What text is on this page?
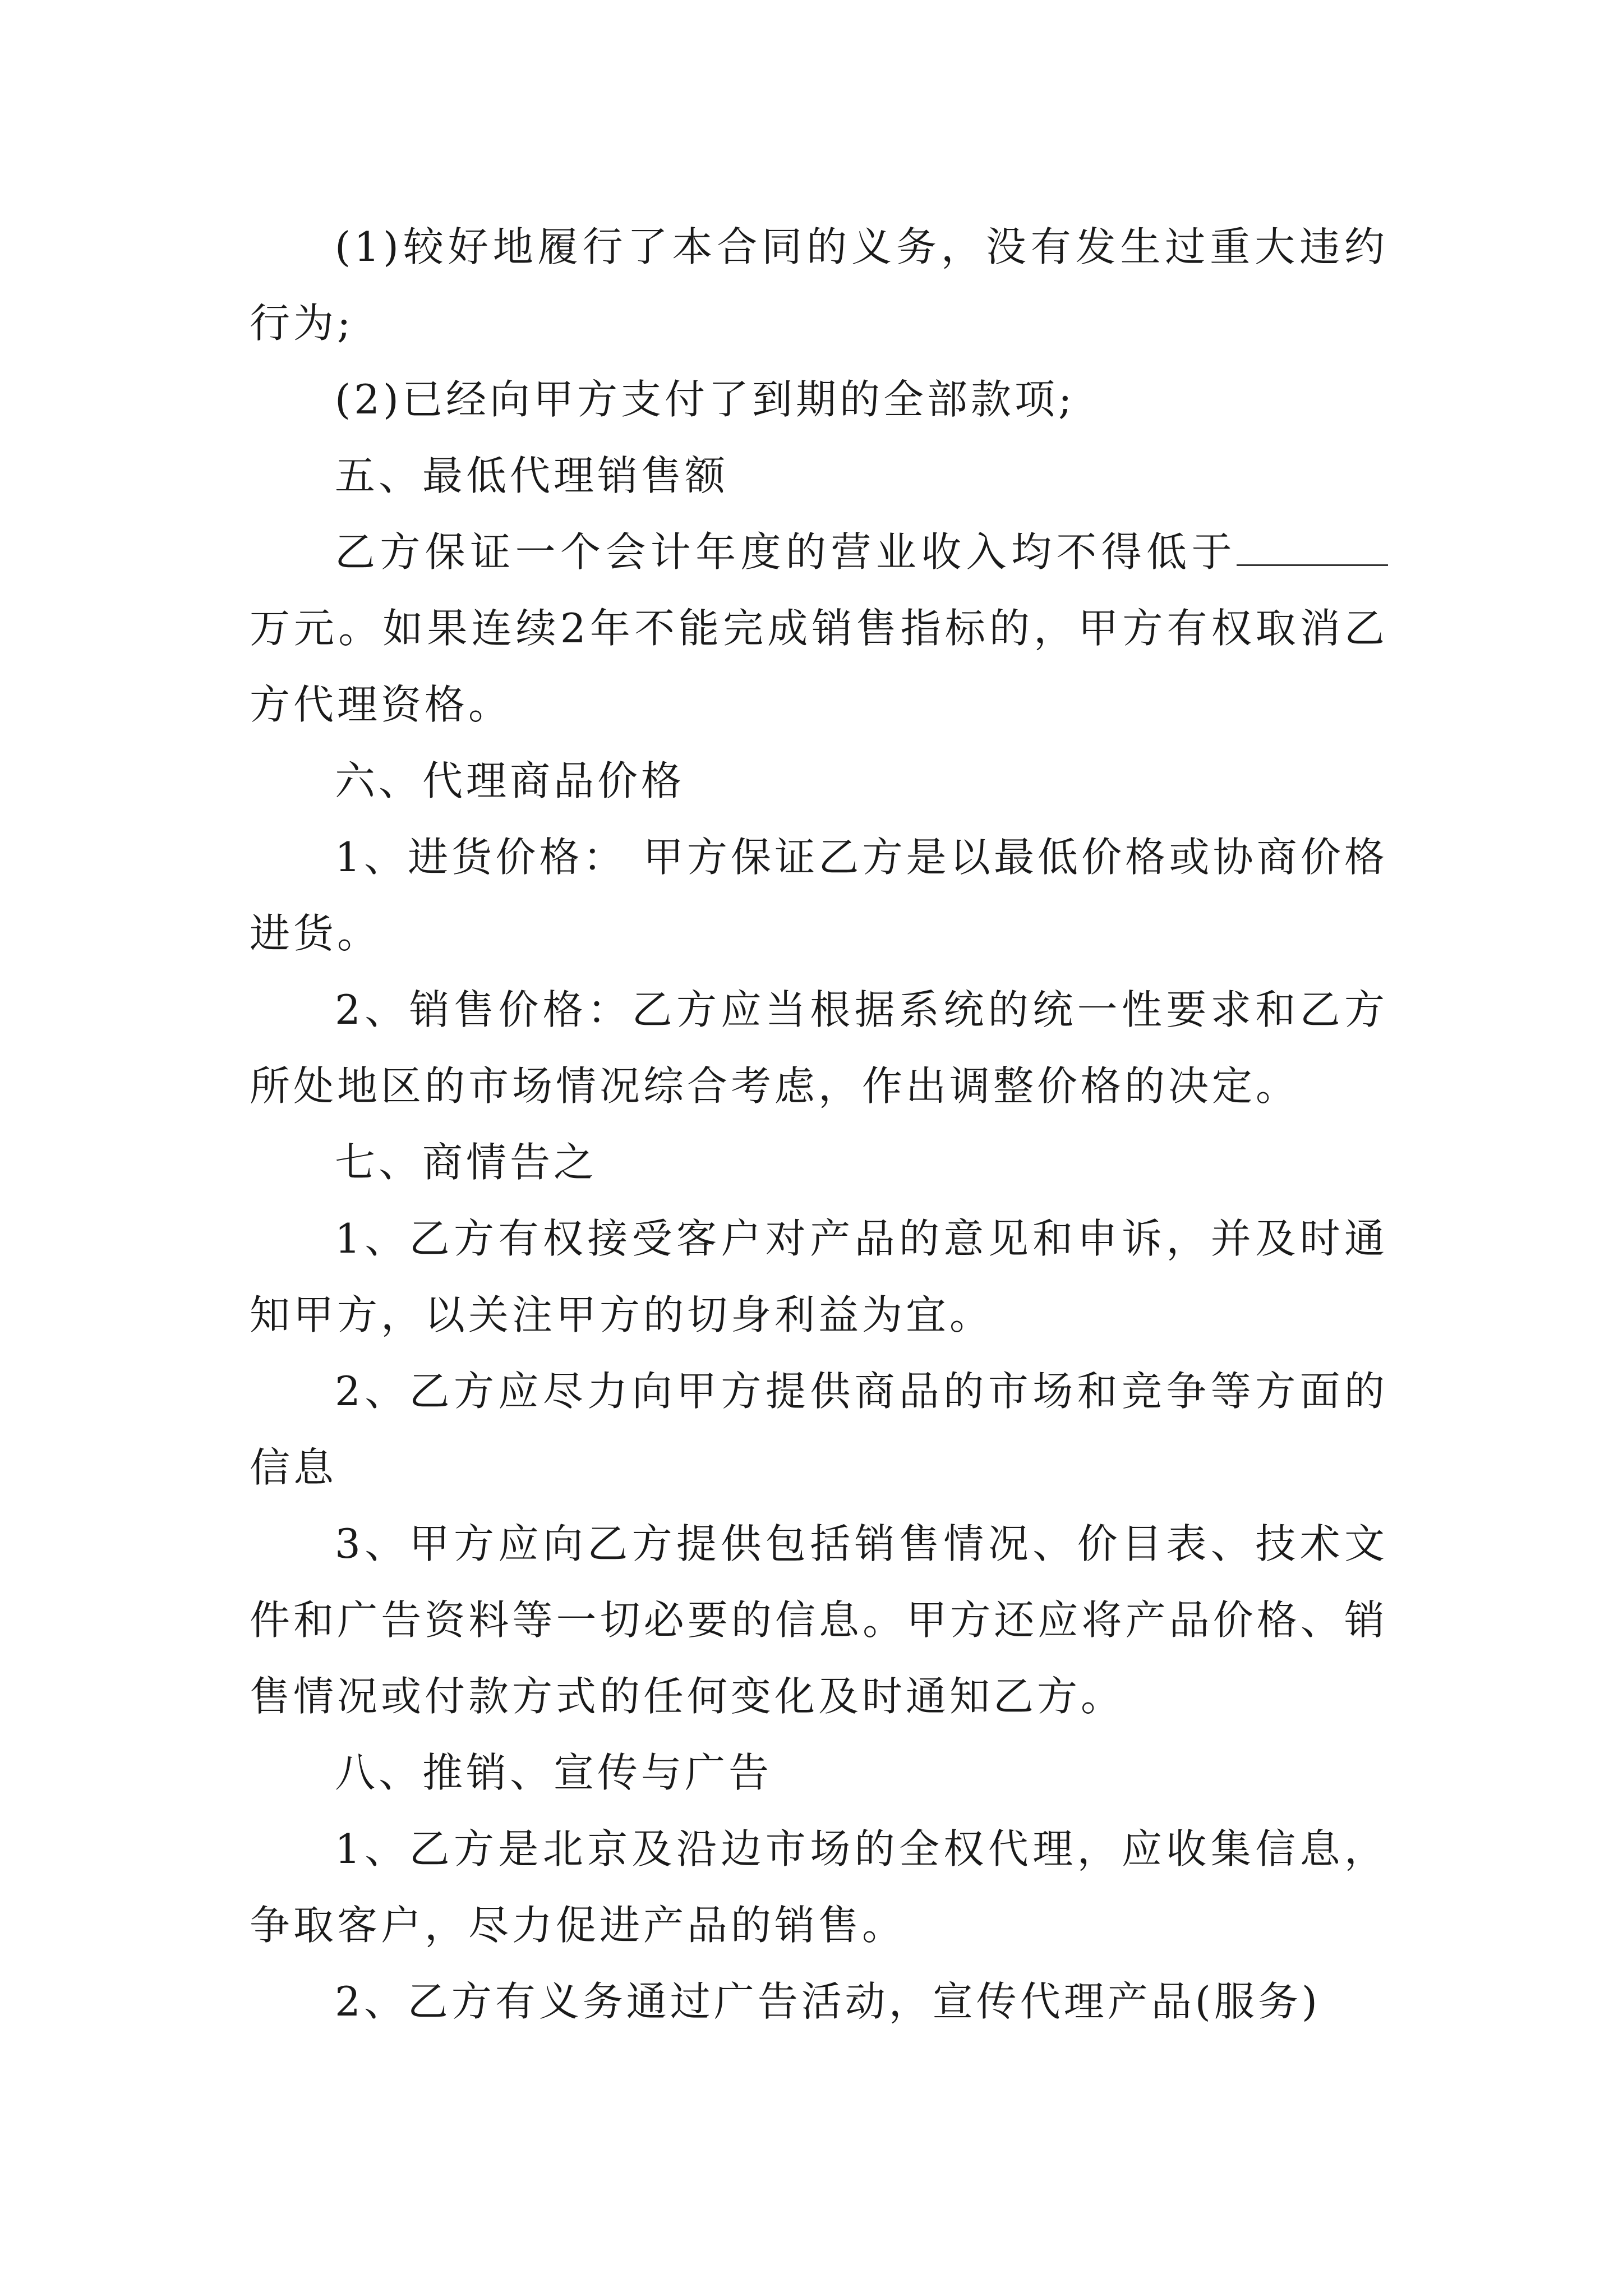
(1)较好地履行了本合同的义务，没有发生过重大违约行为;

(2)已经向甲方支付了到期的全部款项;

五、最低代理销售额

乙方保证一个会计年度的营业收入均不得低于万元。如果连续2年不能完成销售指标的，甲方有权取消乙方代理资格。

六、代理商品价格

1、进货价格： 甲方保证乙方是以最低价格或协商价格进货。

2、销售价格：乙方应当根据系统的统一性要求和乙方所处地区的市场情况综合考虑，作出调整价格的决定。

七、商情告之

1、乙方有权接受客户对产品的意见和申诉，并及时通知甲方，以关注甲方的切身利益为宜。

2、乙方应尽力向甲方提供商品的市场和竞争等方面的信息

3、甲方应向乙方提供包括销售情况、价目表、技术文件和广告资料等一切必要的信息。甲方还应将产品价格、销售情况或付款方式的任何变化及时通知乙方。

八、推销、宣传与广告

1、乙方是北京及沿边市场的全权代理，应收集信息，争取客户，尽力促进产品的销售。

2、乙方有义务通过广告活动，宣传代理产品(服务)
